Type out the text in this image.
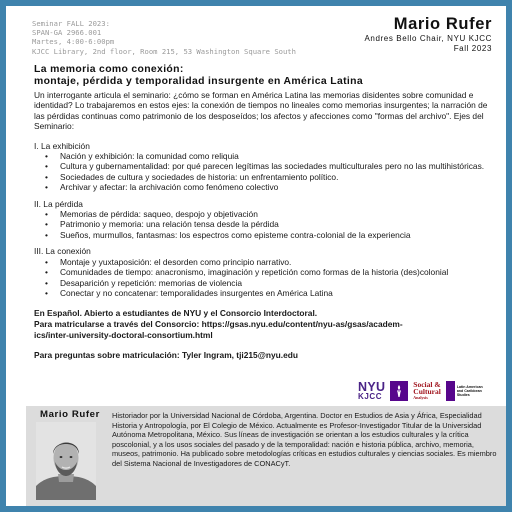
Seminar FALL 2023:
SPAN-GA 2966.001
Martes, 4:00-6:00pm
KJCC Library, 2nd floor, Room 215, 53 Washington Square South
Mario Rufer
Andres Bello Chair, NYU KJCC
Fall 2023
La memoria como conexión:
montaje, pérdida y temporalidad insurgente en América Latina

Un interrogante articula el seminario: ¿cómo se forman en América Latina las memorias disidentes sobre comunidad e identidad? Lo trabajaremos en estos ejes: la conexión de tiempos no lineales como memorias insurgentes; la narración de las pérdidas continuas como patrimonio de los desposeídos; los afectos y afecciones como "formas del archivo". Ejes del Seminario:

I. La exhibición
• Nación y exhibición: la comunidad como reliquia
• Cultura y gubernamentalidad: por qué parecen legítimas las sociedades multiculturales pero no las multihistóricas.
• Sociedades de cultura y sociedades de historia: un enfrentamiento político.
• Archivar y afectar: la archivación como fenómeno colectivo
II. La pérdida
• Memorias de pérdida: saqueo, despojo y objetivación
• Patrimonio y memoria: una relación tensa desde la pérdida
• Sueños, murmullos, fantasmas: los espectros como episteme contra-colonial de la experiencia
III. La conexión
• Montaje y yuxtaposición: el desorden como principio narrativo.
• Comunidades de tiempo: anacronismo, imaginación y repetición como formas de la historia (des)colonial
• Desaparición y repetición: memorias de violencia
• Conectar y no concatenar: temporalidades insurgentes en América Latina

En Español. Abierto a estudiantes de NYU y el Consorcio Interdoctoral.

Para matricularse a través del Consorcio: https://gsas.nyu.edu/content/nyu-as/gsas/academ-

ics/inter-university-doctoral-consortium.html

Para preguntas sobre matriculación: Tyler Ingram, tji215@nyu.edu

NYU
KJCC
Social &
Cultural
Analysis
Latin American
and Caribbean
Studies
Mario Rufer Historiador por la Universidad Nacional de Córdoba, Argentina. Doctor en Estudios de Asia y África, Especialidad Historia y Antropología, por El Colegio de México. Actualmente es Profesor-Investigador Titular de la Universidad Autónoma Metropolitana, México. Sus líneas de investigación se orientan a los estudios culturales y la crítica poscolonial, y a los usos sociales del pasado y de la temporalidad: nación e historia pública, archivo, memoria, museos, patrimonio. Ha publicado sobre metodologías críticas en estudios culturales y ciencias sociales. Es miembro del Sistema Nacional de Investigadores de CONACyT.
